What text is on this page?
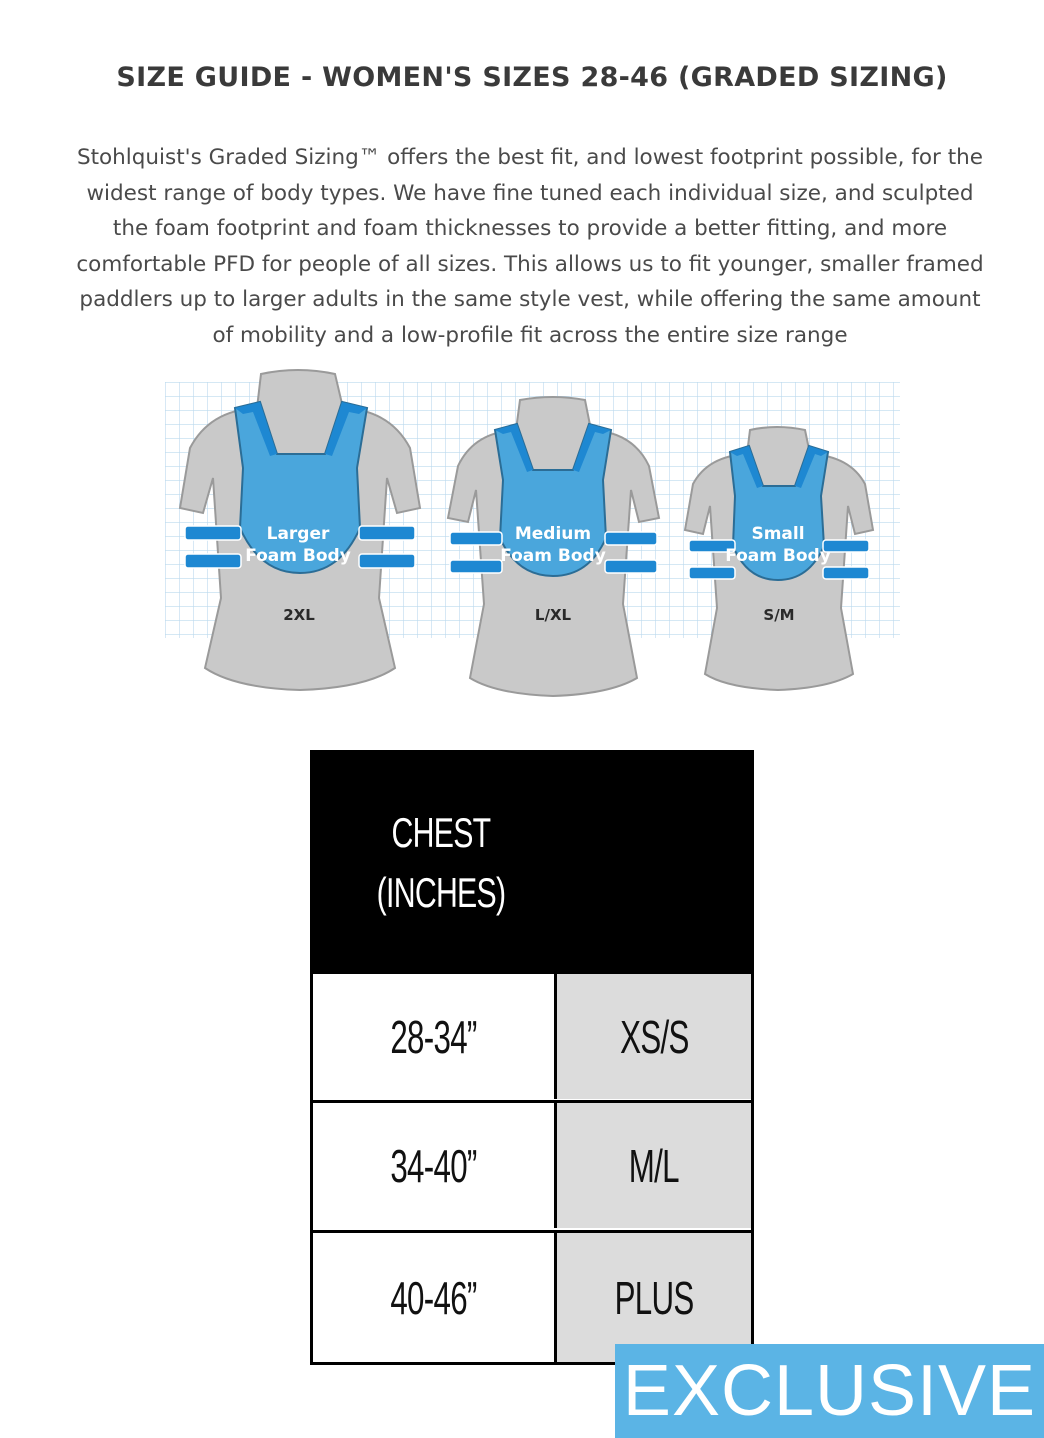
SIZE GUIDE - WOMEN'S SIZES 28-46 (GRADED SIZING)

Stohlquist's Graded Sizing™ offers the best fit, and lowest footprint possible, for the widest range of body types. We have fine tuned each individual size, and sculpted the foam footprint and foam thicknesses to provide a better fitting, and more comfortable PFD for people of all sizes. This allows us to fit younger, smaller framed paddlers up to larger adults in the same style vest, while offering the same amount of mobility and a low-profile fit across the entire size range

Larger
Foam Body
2XL
Medium
Foam Body
L/XL
Small
Foam Body
S/M
CHEST
(INCHES)
28-34”	XS/S
34-40”	M/L
40-46”	PLUS
EXCLUSIVE
